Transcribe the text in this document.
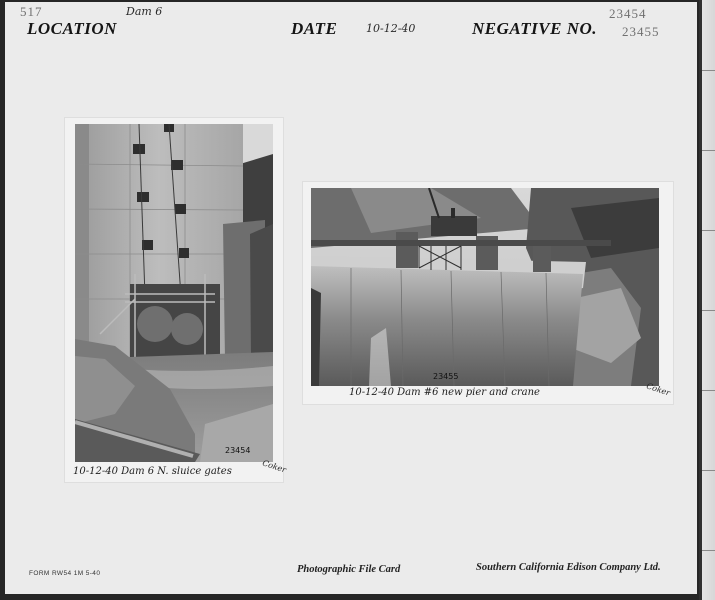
517	Dam 6
LOCATION	DATE	10-12-40	NEGATIVE NO.
23454
23455
23454
10-12-40 Dam 6 N. sluice gates	Coker
23455
10-12-40 Dam #6 new pier and crane	Coker
FORM RW54 1M 5-40	Photographic File Card	Southern California Edison Company Ltd.
